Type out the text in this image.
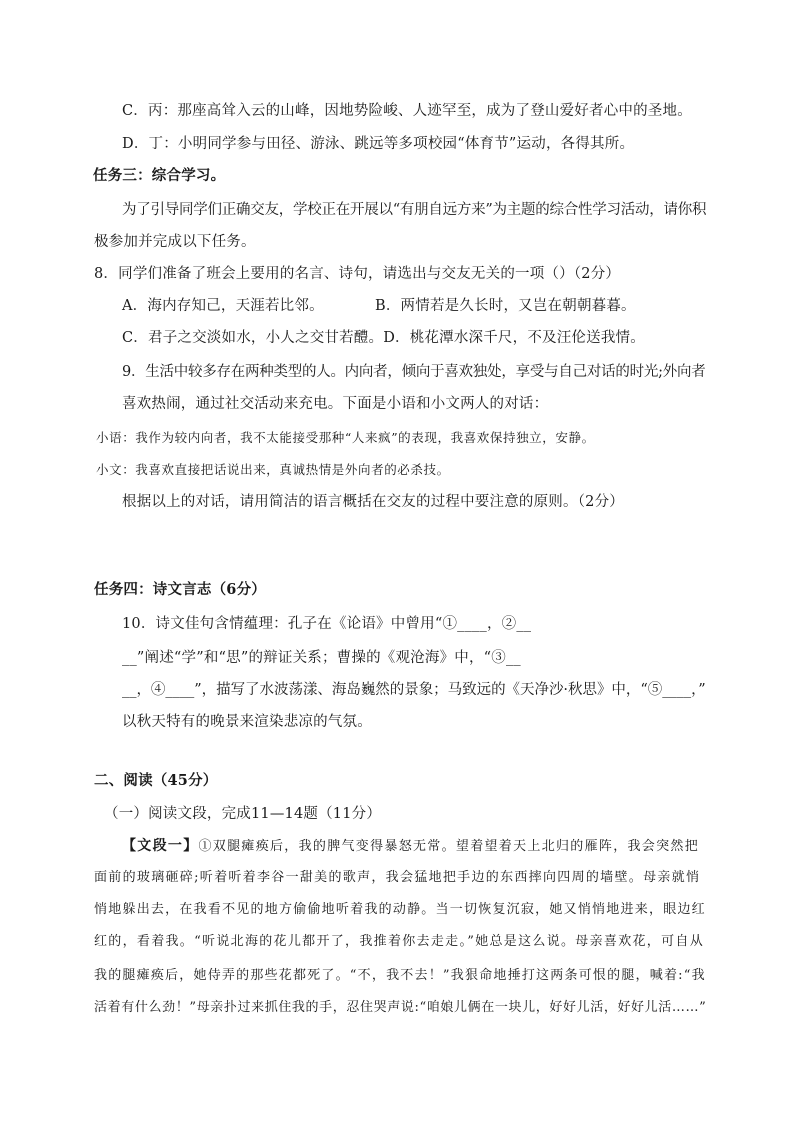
C．丙：那座高耸入云的山峰，因地势险峻、人迹罕至，成为了登山爱好者心中的圣地。
D．丁：小明同学参与田径、游泳、跳远等多项校园“体育节”运动，各得其所。
任务三：综合学习。
为了引导同学们正确交友，学校正在开展以“有朋自远方来”为主题的综合性学习活动，请你积
极参加并完成以下任务。
8．同学们准备了班会上要用的名言、诗句，请选出与交友无关的一项（）（2分）
A．海内存知己，天涯若比邻。	B．两情若是久长时，又岂在朝朝暮暮。
C．君子之交淡如水，小人之交甘若醴。D．桃花潭水深千尺，不及汪伦送我情。
9．生活中较多存在两种类型的人。内向者，倾向于喜欢独处，享受与自己对话的时光;外向者
喜欢热闹，通过社交活动来充电。下面是小语和小文两人的对话：
小语：我作为较内向者，我不太能接受那种“人来疯”的表现，我喜欢保持独立，安静。
小文：我喜欢直接把话说出来，真诚热情是外向者的必杀技。
根据以上的对话，请用简洁的语言概括在交友的过程中要注意的原则。（2分）
任务四：诗文言志（6分）
10．诗文佳句含情蕴理：孔子在《论语》中曾用“①____，②__
__”阐述“学”和“思”的辩证关系；曹操的《观沧海》中，“③__
__，④____”，描写了水波荡漾、海岛巍然的景象；马致远的《天净沙·秋思》中，“⑤____，”
以秋天特有的晚景来渲染悲凉的气氛。
二、阅读（45分）
（一）阅读文段，完成11—14题（11分）
【文段一】①双腿瘫痪后，我的脾气变得暴怒无常。望着望着天上北归的雁阵，我会突然把
面前的玻璃砸碎;听着听着李谷一甜美的歌声，我会猛地把手边的东西摔向四周的墙壁。母亲就悄
悄地躲出去，在我看不见的地方偷偷地听着我的动静。当一切恢复沉寂，她又悄悄地进来，眼边红
红的，看着我。“听说北海的花儿都开了，我推着你去走走。”她总是这么说。母亲喜欢花，可自从
我的腿瘫痪后，她侍弄的那些花都死了。“不，我不去！”我狠命地捶打这两条可恨的腿，喊着:“我
活着有什么劲！”母亲扑过来抓住我的手，忍住哭声说:“咱娘儿俩在一块儿，好好儿活，好好儿活……”
